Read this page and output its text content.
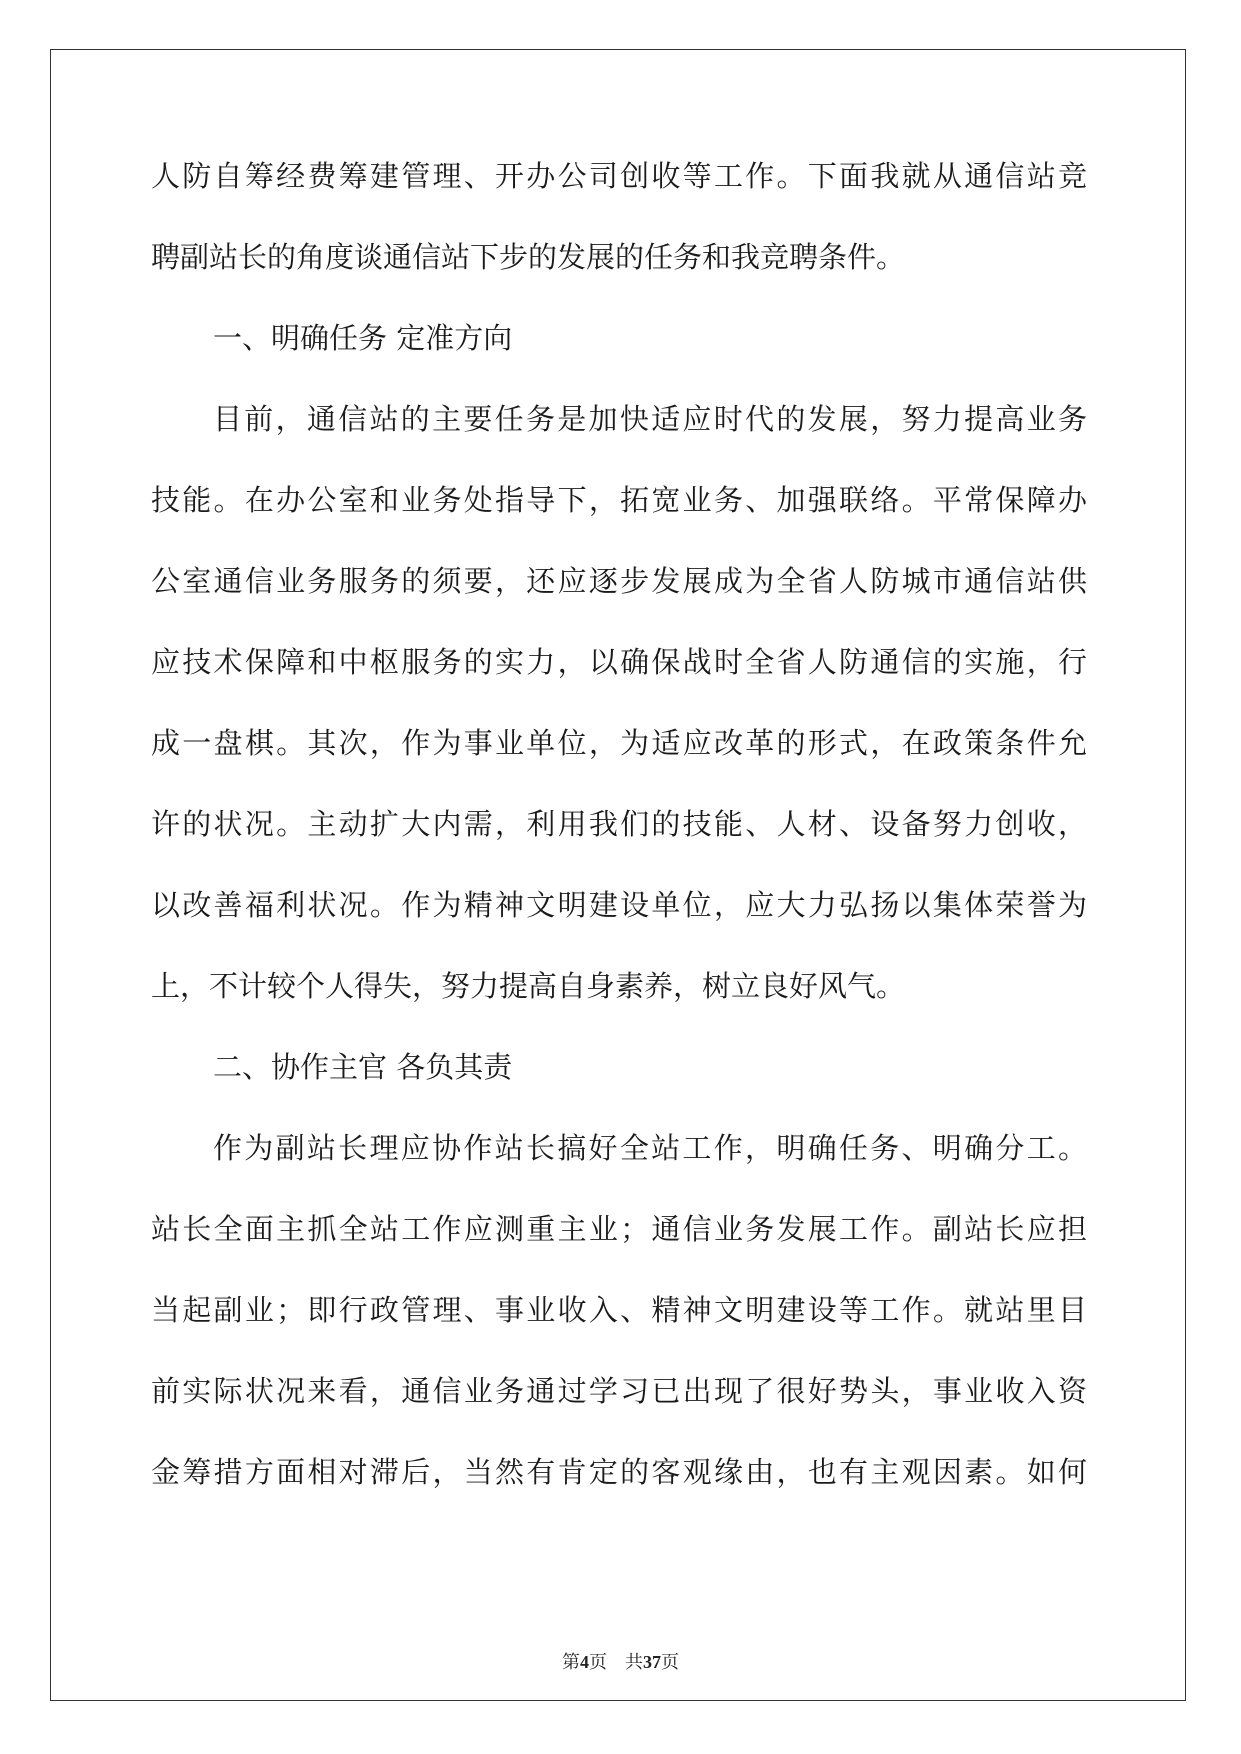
人防自筹经费筹建管理、开办公司创收等工作。下面我就从通信站竞
聘副站长的角度谈通信站下步的发展的任务和我竞聘条件。
一、明确任务 定准方向
目前，通信站的主要任务是加快适应时代的发展，努力提高业务
技能。在办公室和业务处指导下，拓宽业务、加强联络。平常保障办
公室通信业务服务的须要，还应逐步发展成为全省人防城市通信站供
应技术保障和中枢服务的实力，以确保战时全省人防通信的实施，行
成一盘棋。其次，作为事业单位，为适应改革的形式，在政策条件允
许的状况。主动扩大内需，利用我们的技能、人材、设备努力创收，
以改善福利状况。作为精神文明建设单位，应大力弘扬以集体荣誉为
上，不计较个人得失，努力提高自身素养，树立良好风气。
二、协作主官 各负其责
作为副站长理应协作站长搞好全站工作，明确任务、明确分工。
站长全面主抓全站工作应测重主业；通信业务发展工作。副站长应担
当起副业；即行政管理、事业收入、精神文明建设等工作。就站里目
前实际状况来看，通信业务通过学习已出现了很好势头，事业收入资
金筹措方面相对滞后，当然有肯定的客观缘由，也有主观因素。如何
第4页 共37页
